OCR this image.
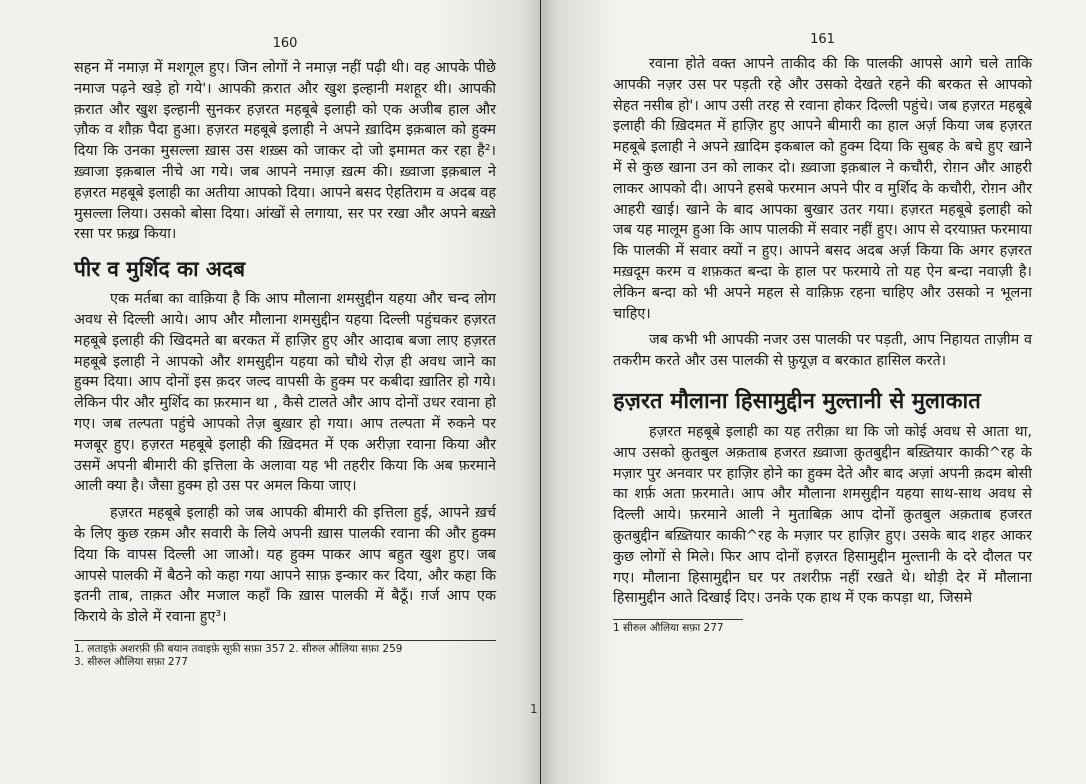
160

सहन में नमाज़ में मशगूल हुए। जिन लोगों ने नमाज़ नहीं पढ़ी थी। वह आपके पीछे नमाज पढ़ने खड़े हो गये'। आपकी क़रात और खुश इल्हानी मशहूर थी। आपकी क़रात और खुश इल्हानी सुनकर हज़रत महबूबे इलाही को एक अजीब हाल और ज़ौक व शौक़ पैदा हुआ। हज़रत महबूबे इलाही ने अपने ख़ादिम इक़बाल को हुक्म दिया कि उनका मुसल्ला ख़ास उस शख़्स को जाकर दो जो इमामत कर रहा है²। ख़्वाजा इक़बाल नीचे आ गये। जब आपने नमाज़ ख़त्म की। ख़्वाजा इक़बाल ने हज़रत महबूबे इलाही का अतीया आपको दिया। आपने बसद ऐहतिराम व अदब वह मुसल्ला लिया। उसको बोसा दिया। आंखों से लगाया, सर पर रखा और अपने बख़्ते रसा पर फ़ख़्र किया।

पीर व मुर्शिद का अदब

एक मर्तबा का वाक़िया है कि आप मौलाना शमसुद्दीन यहया और चन्द लोग अवध से दिल्ली आये। आप और मौलाना शमसुद्दीन यहया दिल्ली पहुंचकर हज़रत महबूबे इलाही की खिदमते बा बरकत में हाज़िर हुए और आदाब बजा लाए हज़रत महबूबे इलाही ने आपको और शमसुद्दीन यहया को चौथे रोज़ ही अवध जाने का हुक्म दिया। आप दोनों इस क़दर जल्द वापसी के हुक्म पर कबीदा ख़ातिर हो गये। लेकिन पीर और मुर्शिद का फ़रमान था , कैसे टालते और आप दोनों उधर रवाना हो गए। जब तल्पता पहुंचे आपको तेज़ बुख़ार हो गया। आप तल्पता में रुकने पर मजबूर हुए। हज़रत महबूबे इलाही की ख़िदमत में एक अरीज़ा रवाना किया और उसमें अपनी बीमारी की इत्तिला के अलावा यह भी तहरीर किया कि अब फ़रमाने आली क्या है। जैसा हुक्म हो उस पर अमल किया जाए।

हज़रत महबूबे इलाही को जब आपकी बीमारी की इत्तिला हुई, आपने ख़र्च के लिए कुछ रक़म और सवारी के लिये अपनी ख़ास पालकी रवाना की और हुक्म दिया कि वापस दिल्ली आ जाओ। यह हुक्म पाकर आप बहुत खुश हुए। जब आपसे पालकी में बैठने को कहा गया आपने साफ़ इन्कार कर दिया, और कहा कि इतनी ताब, ताक़त और मजाल कहाँ कि ख़ास पालकी में बैठूँ। ग़र्ज आप एक किराये के डोले में रवाना हुए³।

1. लताइफ़े अशरफ़ी फ़ी बयान तवाइफ़े सूफ़ी सफ़ा 357 2. सीरुल औलिया सफ़ा 259

3. सीरुल औलिया सफ़ा 277

1
161

रवाना होते वक्त आपने ताकीद की कि पालकी आपसे आगे चले ताकि आपकी नज़र उस पर पड़ती रहे और उसको देखते रहने की बरकत से आपको सेहत नसीब हो'। आप उसी तरह से रवाना होकर दिल्ली पहुंचे। जब हज़रत महबूबे इलाही की ख़िदमत में हाज़िर हुए आपने बीमारी का हाल अर्ज़ किया जब हज़रत महबूबे इलाही ने अपने ख़ादिम इकबाल को हुक्म दिया कि सुबह के बचे हुए खाने में से कुछ खाना उन को लाकर दो। ख़्वाजा इक़बाल ने कचौरी, रोग़न और आहरी लाकर आपको दी। आपने हसबे फरमान अपने पीर व मुर्शिद के कचौरी, रोग़न और आहरी खाई। खाने के बाद आपका बुखार उतर गया। हज़रत महबूबे इलाही को जब यह मालूम हुआ कि आप पालकी में सवार नहीं हुए। आप से दरयाफ़्त फरमाया कि पालकी में सवार क्यों न हुए। आपने बसद अदब अर्ज़ किया कि अगर हज़रत मख़दूम करम व शफ़कत बन्दा के हाल पर फरमाये तो यह ऐन बन्दा नवाज़ी है। लेकिन बन्दा को भी अपने महल से वाक़िफ़ रहना चाहिए और उसको न भूलना चाहिए।

जब कभी भी आपकी नजर उस पालकी पर पड़ती, आप निहायत ताज़ीम व तकरीम करते और उस पालकी से फ़ुयूज़ व बरकात हासिल करते।

हज़रत मौलाना हिसामुद्दीन मुल्तानी से मुलाकात

हज़रत महबूबे इलाही का यह तरीक़ा था कि जो कोई अवध से आता था, आप उसको क़ुतबुल अक़ताब हजरत ख़्वाजा क़ुतबुद्दीन बख़्तियार काकी^रह के मज़ार पुर अनवार पर हाज़िर होने का हुक्म देते और बाद अज़ां अपनी क़दम बोसी का शर्फ़ अता फ़रमाते। आप और मौलाना शमसुद्दीन यहया साथ-साथ अवध से दिल्ली आये। फ़रमाने आली ने मुताबिक़ आप दोनों क़ुतबुल अक़ताब हजरत क़ुतबुद्दीन बख़्तियार काकी^रह के मज़ार पर हाज़िर हुए। उसके बाद शहर आकर कुछ लोगों से मिले। फिर आप दोनों हज़रत हिसामुद्दीन मुल्तानी के दरे दौलत पर गए। मौलाना हिसामुद्दीन घर पर तशरीफ़ नहीं रखते थे। थोड़ी देर में मौलाना हिसामुद्दीन आते दिखाई दिए। उनके एक हाथ में एक कपड़ा था, जिसमे

1 सीरुल औलिया सफ़ा 277
